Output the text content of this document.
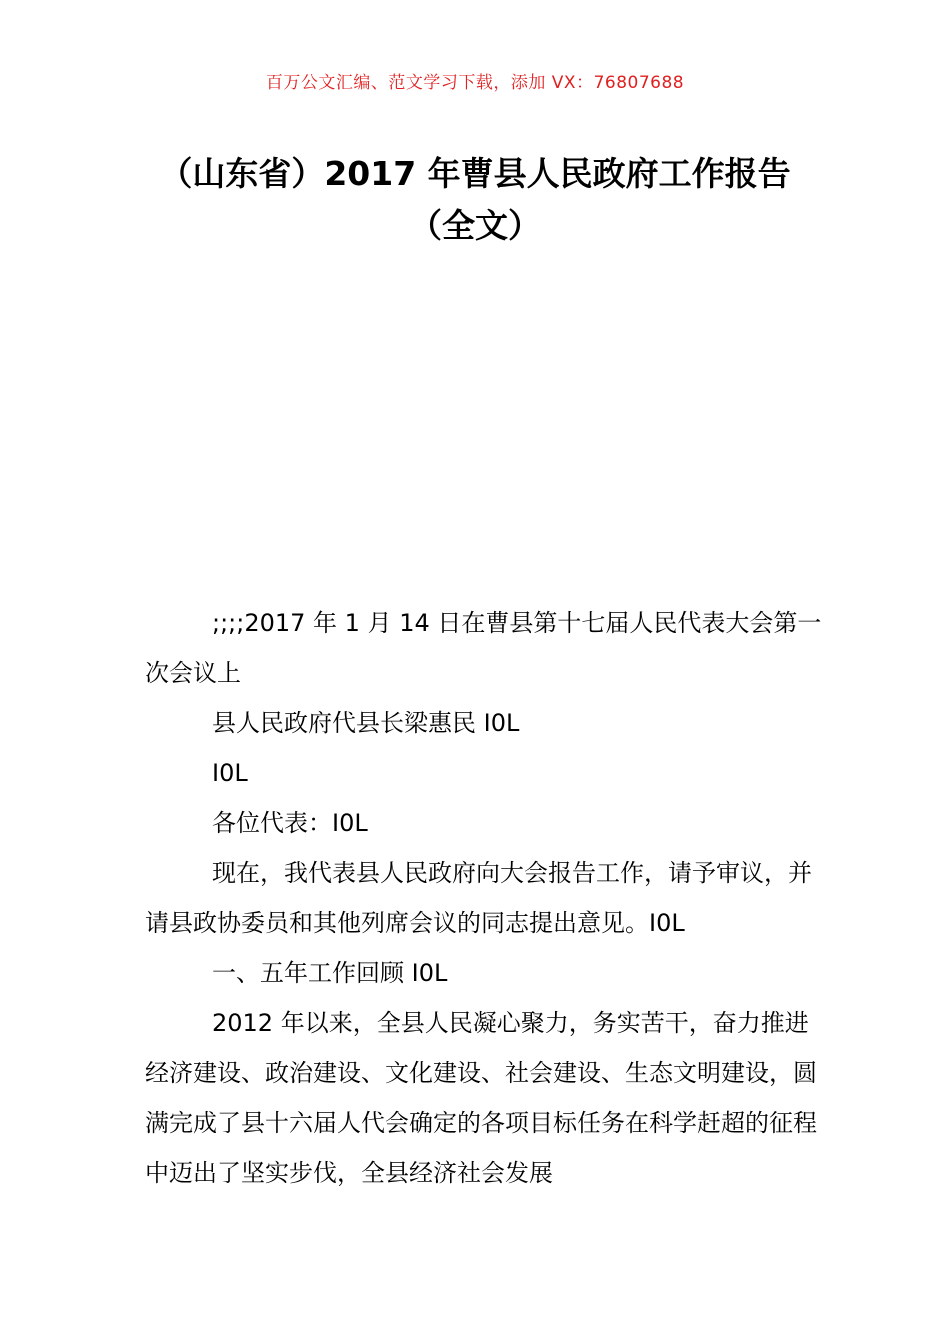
百万公文汇编、范文学习下载，添加 VX：76807688
（山东省）2017 年曹县人民政府工作报告
（全文）

;;;;2017 年 1 月 14 日在曹县第十七届人民代表大会第一次会议上

县人民政府代县长梁惠民 I0L

I0L

各位代表：I0L

现在，我代表县人民政府向大会报告工作，请予审议，并请县政协委员和其他列席会议的同志提出意见。I0L

一、五年工作回顾 I0L

2012 年以来，全县人民凝心聚力，务实苦干，奋力推进经济建设、政治建设、文化建设、社会建设、生态文明建设，圆满完成了县十六届人代会确定的各项目标任务在科学赶超的征程中迈出了坚实步伐，全县经济社会发展
